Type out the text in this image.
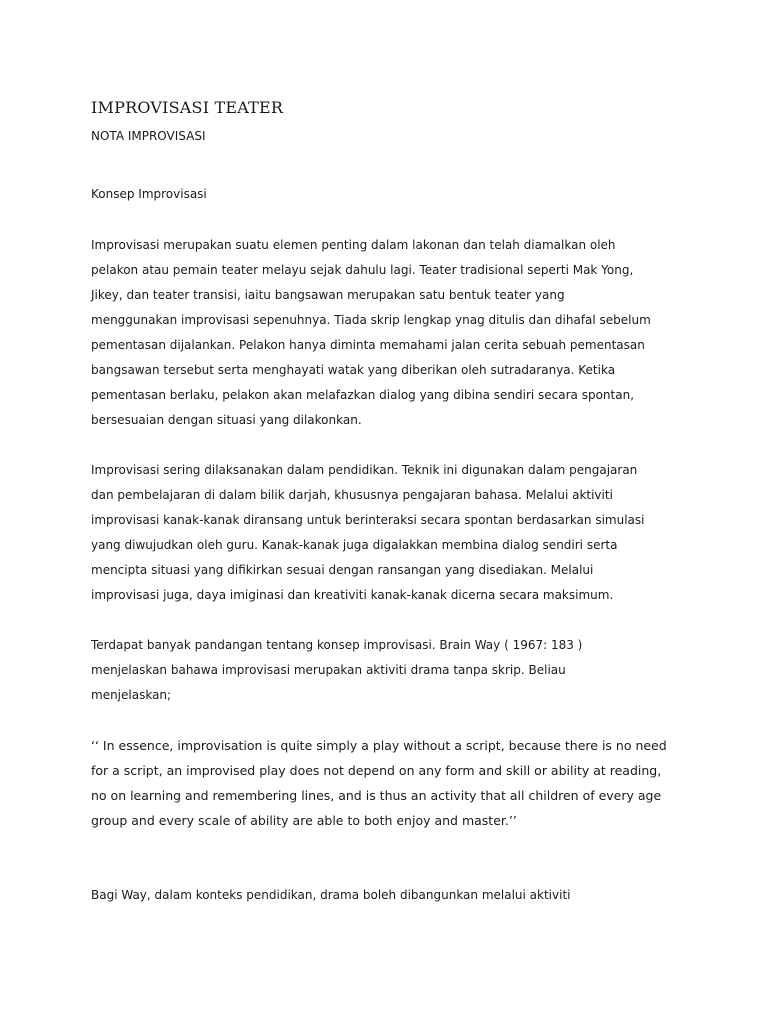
IMPROVISASI TEATER

NOTA IMPROVISASI

Konsep Improvisasi

Improvisasi merupakan suatu elemen penting dalam lakonan dan telah diamalkan oleh
pelakon atau pemain teater melayu sejak dahulu lagi. Teater tradisional seperti Mak Yong,
Jikey, dan teater transisi, iaitu bangsawan merupakan satu bentuk teater yang
menggunakan improvisasi sepenuhnya. Tiada skrip lengkap ynag ditulis dan dihafal sebelum
pementasan dijalankan. Pelakon hanya diminta memahami jalan cerita sebuah pementasan
bangsawan tersebut serta menghayati watak yang diberikan oleh sutradaranya. Ketika
pementasan berlaku, pelakon akan melafazkan dialog yang dibina sendiri secara spontan,
bersesuaian dengan situasi yang dilakonkan.

Improvisasi sering dilaksanakan dalam pendidikan. Teknik ini digunakan dalam pengajaran
dan pembelajaran di dalam bilik darjah, khususnya pengajaran bahasa. Melalui aktiviti
improvisasi kanak-kanak diransang untuk berinteraksi secara spontan berdasarkan simulasi
yang diwujudkan oleh guru. Kanak-kanak juga digalakkan membina dialog sendiri serta
mencipta situasi yang difikirkan sesuai dengan ransangan yang disediakan. Melalui
improvisasi juga, daya imiginasi dan kreativiti kanak-kanak dicerna secara maksimum.

Terdapat banyak pandangan tentang konsep improvisasi. Brain Way ( 1967: 183 )
menjelaskan bahawa improvisasi merupakan aktiviti drama tanpa skrip. Beliau
menjelaskan;

‘‘ In essence, improvisation is quite simply a play without a script, because there is no need
for a script, an improvised play does not depend on any form and skill or ability at reading,
no on learning and remembering lines, and is thus an activity that all children of every age
group and every scale of ability are able to both enjoy and master.’’

Bagi Way, dalam konteks pendidikan, drama boleh dibangunkan melalui aktiviti
